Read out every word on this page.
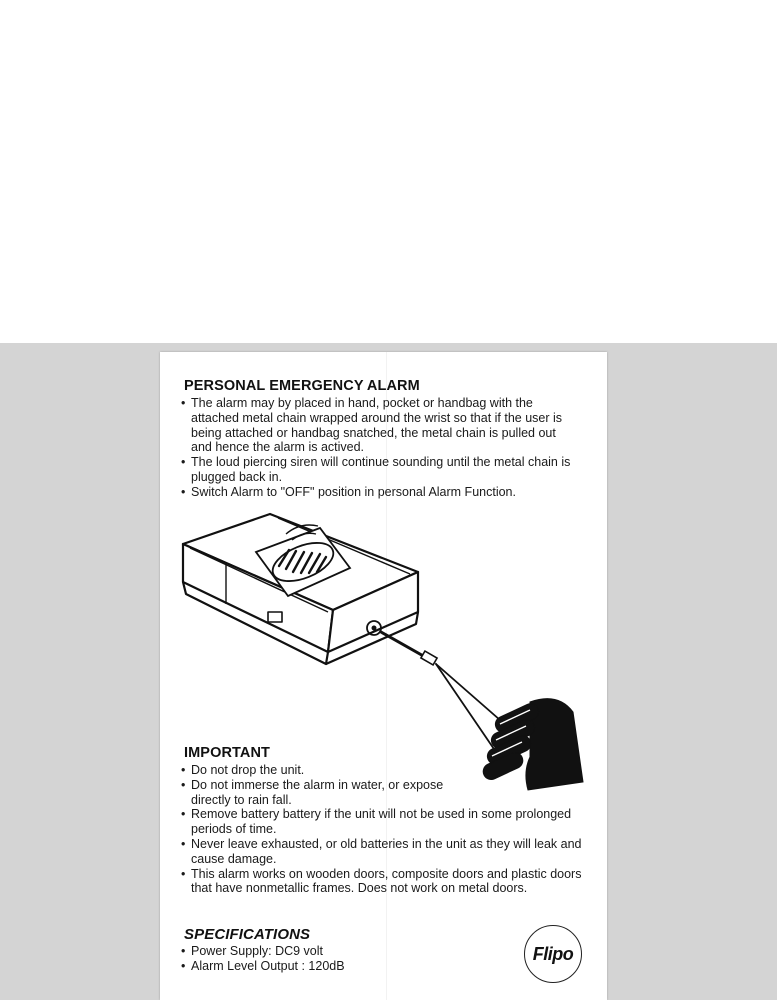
PERSONAL EMERGENCY ALARM
• The alarm may by placed in hand, pocket or handbag with the attached metal chain wrapped around the wrist so that if the user is being attached or handbag snatched, the metal chain is pulled out and hence the alarm is actived.
• The loud piercing siren will continue sounding until the metal chain is plugged back in.
• Switch Alarm to "OFF" position in personal Alarm Function.
IMPORTANT
• Do not drop the unit.
• Do not immerse the alarm in water, or expose directly to rain fall.
• Remove battery battery if the unit will not be used in some prolonged periods of time.
• Never leave exhausted, or old batteries in the unit as they will leak and cause damage.
• This alarm works on wooden doors, composite doors and plastic doors that have nonmetallic frames. Does not work on metal doors.
SPECIFICATIONS
• Power Supply: DC9 volt
• Alarm Level Output : 120dB
Flipo
